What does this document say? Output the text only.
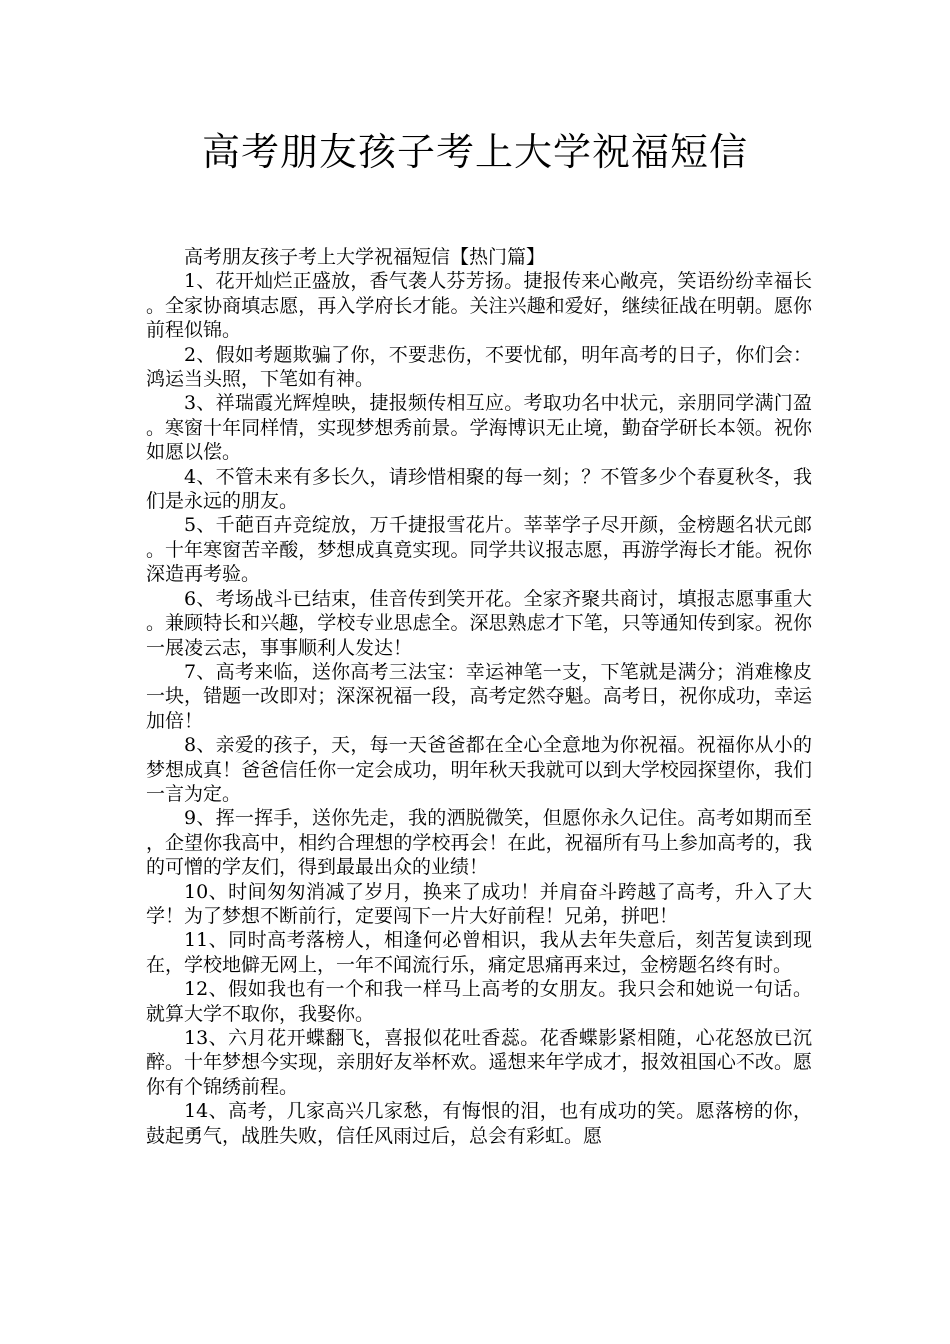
高考朋友孩子考上大学祝福短信

高考朋友孩子考上大学祝福短信【热门篇】

1、花开灿烂正盛放，香气袭人芬芳扬。捷报传来心敞亮，笑语纷纷幸福长。全家协商填志愿，再入学府长才能。关注兴趣和爱好，继续征战在明朝。愿你前程似锦。

2、假如考题欺骗了你，不要悲伤，不要忧郁，明年高考的日子，你们会：鸿运当头照，下笔如有神。

3、祥瑞霞光辉煌映，捷报频传相互应。考取功名中状元，亲朋同学满门盈。寒窗十年同样情，实现梦想秀前景。学海博识无止境，勤奋学研长本领。祝你如愿以偿。

4、不管未来有多长久，请珍惜相聚的每一刻；？不管多少个春夏秋冬，我们是永远的朋友。

5、千葩百卉竞绽放，万千捷报雪花片。莘莘学子尽开颜，金榜题名状元郎。十年寒窗苦辛酸，梦想成真竟实现。同学共议报志愿，再游学海长才能。祝你深造再考验。

6、考场战斗已结束，佳音传到笑开花。全家齐聚共商讨，填报志愿事重大。兼顾特长和兴趣，学校专业思虑全。深思熟虑才下笔，只等通知传到家。祝你一展凌云志，事事顺利人发达！

7、高考来临，送你高考三法宝：幸运神笔一支，下笔就是满分；消难橡皮一块，错题一改即对；深深祝福一段，高考定然夺魁。高考日，祝你成功，幸运加倍！

8、亲爱的孩子，天，每一天爸爸都在全心全意地为你祝福。祝福你从小的梦想成真！爸爸信任你一定会成功，明年秋天我就可以到大学校园探望你，我们一言为定。

9、挥一挥手，送你先走，我的洒脱微笑，但愿你永久记住。高考如期而至，企望你我高中，相约合理想的学校再会！在此，祝福所有马上参加高考的，我的可憎的学友们，得到最最出众的业绩！

10、时间匆匆消减了岁月，换来了成功！并肩奋斗跨越了高考，升入了大学！为了梦想不断前行，定要闯下一片大好前程！兄弟，拼吧！

11、同时高考落榜人，相逢何必曾相识，我从去年失意后，刻苦复读到现在，学校地僻无网上，一年不闻流行乐，痛定思痛再来过，金榜题名终有时。

12、假如我也有一个和我一样马上高考的女朋友。我只会和她说一句话。就算大学不取你，我娶你。

13、六月花开蝶翻飞，喜报似花吐香蕊。花香蝶影紧相随，心花怒放已沉醉。十年梦想今实现，亲朋好友举杯欢。遥想来年学成才，报效祖国心不改。愿你有个锦绣前程。

14、高考，几家高兴几家愁，有悔恨的泪，也有成功的笑。愿落榜的你，鼓起勇气，战胜失败，信任风雨过后，总会有彩虹。愿
